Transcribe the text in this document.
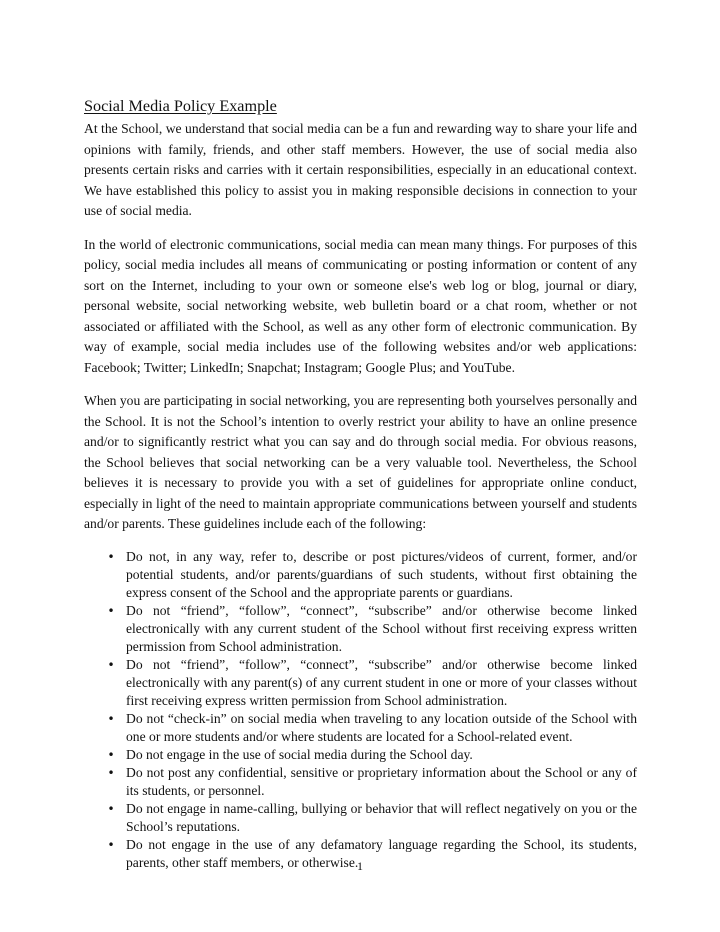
Social Media Policy Example

At the School, we understand that social media can be a fun and rewarding way to share your life and opinions with family, friends, and other staff members. However, the use of social media also presents certain risks and carries with it certain responsibilities, especially in an educational context. We have established this policy to assist you in making responsible decisions in connection to your use of social media.

In the world of electronic communications, social media can mean many things. For purposes of this policy, social media includes all means of communicating or posting information or content of any sort on the Internet, including to your own or someone else's web log or blog, journal or diary, personal website, social networking website, web bulletin board or a chat room, whether or not associated or affiliated with the School, as well as any other form of electronic communication. By way of example, social media includes use of the following websites and/or web applications: Facebook; Twitter; LinkedIn; Snapchat; Instagram; Google Plus; and YouTube.

When you are participating in social networking, you are representing both yourselves personally and the School. It is not the School’s intention to overly restrict your ability to have an online presence and/or to significantly restrict what you can say and do through social media. For obvious reasons, the School believes that social networking can be a very valuable tool. Nevertheless, the School believes it is necessary to provide you with a set of guidelines for appropriate online conduct, especially in light of the need to maintain appropriate communications between yourself and students and/or parents. These guidelines include each of the following:

• Do not, in any way, refer to, describe or post pictures/videos of current, former, and/or potential students, and/or parents/guardians of such students, without first obtaining the express consent of the School and the appropriate parents or guardians.
• Do not “friend”, “follow”, “connect”, “subscribe” and/or otherwise become linked electronically with any current student of the School without first receiving express written permission from School administration.
• Do not “friend”, “follow”, “connect”, “subscribe” and/or otherwise become linked electronically with any parent(s) of any current student in one or more of your classes without first receiving express written permission from School administration.
• Do not “check-in” on social media when traveling to any location outside of the School with one or more students and/or where students are located for a School-related event.
• Do not engage in the use of social media during the School day.
• Do not post any confidential, sensitive or proprietary information about the School or any of its students, or personnel.
• Do not engage in name-calling, bullying or behavior that will reflect negatively on you or the School’s reputations.
• Do not engage in the use of any defamatory language regarding the School, its students, parents, other staff members, or otherwise.
1
